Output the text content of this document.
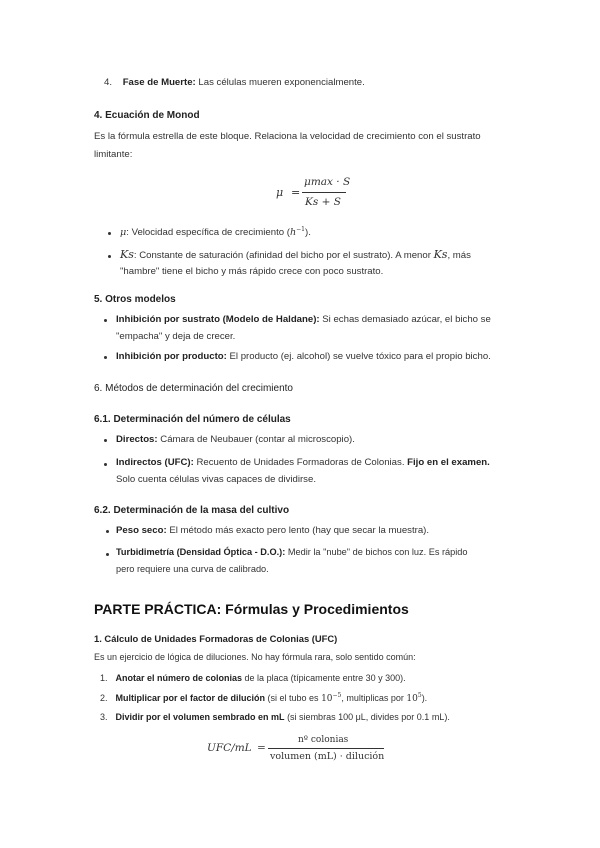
4. Fase de Muerte: Las células mueren exponencialmente.
4. Ecuación de Monod
Es la fórmula estrella de este bloque. Relaciona la velocidad de crecimiento con el sustrato
limitante:
μ =
μmax · S
Ks + S
μ: Velocidad específica de crecimiento $(h^{-1})$.
Ks: Constante de saturación (afinidad del bicho por el sustrato). A menor Ks, más
"hambre" tiene el bicho y más rápido crece con poco sustrato.
5. Otros modelos
Inhibición por sustrato (Modelo de Haldane): Si echas demasiado azúcar, el bicho se
"empacha" y deja de crecer.
Inhibición por producto: El producto (ej. alcohol) se vuelve tóxico para el propio bicho.
6. Métodos de determinación del crecimiento
6.1. Determinación del número de células
Directos: Cámara de Neubauer (contar al microscopio).
Indirectos (UFC): Recuento de Unidades Formadoras de Colonias. Fijo en el examen.
Solo cuenta células vivas capaces de dividirse.
6.2. Determinación de la masa del cultivo
Peso seco: El método más exacto pero lento (hay que secar la muestra).
Turbidimetría (Densidad Óptica - D.O.): Medir la "nube" de bichos con luz. Es rápido
pero requiere una curva de calibrado.
PARTE PRÁCTICA: Fórmulas y Procedimientos
1. Cálculo de Unidades Formadoras de Colonias (UFC)
Es un ejercicio de lógica de diluciones. No hay fórmula rara, solo sentido común:
1. Anotar el número de colonias de la placa (típicamente entre 30 y 300).
2. Multiplicar por el factor de dilución (si el tubo es $10^{-5}$, multiplicas por $10^5$).
3. Dividir por el volumen sembrado en mL (si siembras 100 μL, divides por 0.1 mL).
UFC/mL =
nº colonias
volumen (mL) · dilución
